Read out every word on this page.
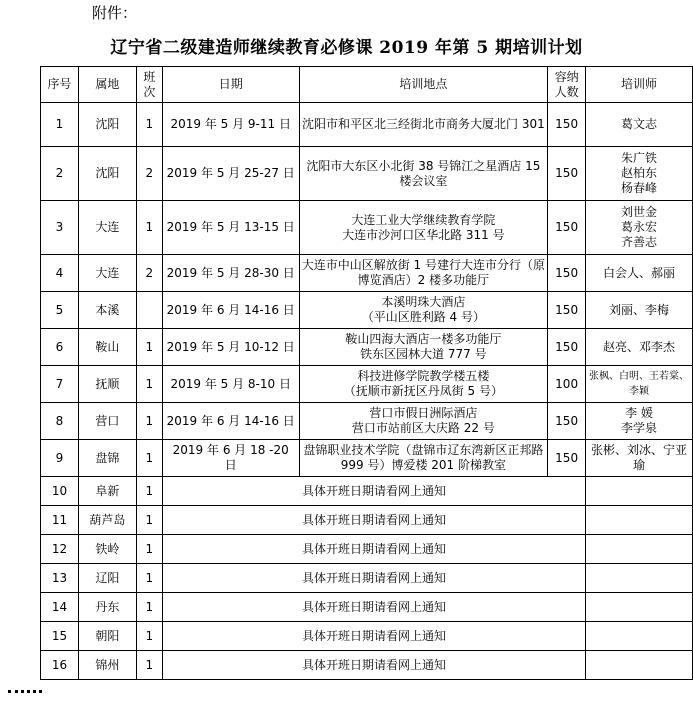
附件：
辽宁省二级建造师继续教育必修课 2019 年第 5 期培训计划
序号	属地	班次	日期	培训地点	容纳人数	培训师
1	沈阳	1	2019 年 5 月 9-11 日	沈阳市和平区北三经街北市商务大厦北门 301	150	葛文志
2	沈阳	2	2019 年 5 月 25-27 日	沈阳市大东区小北街 38 号锦江之星酒店 15 楼会议室	150	朱广铁
赵柏东
杨春峰
3	大连	1	2019 年 5 月 13-15 日	大连工业大学继续教育学院
大连市沙河口区华北路 311 号	150	刘世金
葛永宏
齐善志
4	大连	2	2019 年 5 月 28-30 日	大连市中山区解放街 1 号建行大连市分行（原博览酒店）2 楼多功能厅	150	白会人、郝丽
5	本溪		2019 年 6 月 14-16 日	本溪明珠大酒店
（平山区胜利路 4 号）	150	刘丽、李梅
6	鞍山	1	2019 年 5 月 10-12 日	鞍山四海大酒店一楼多功能厅
铁东区园林大道 777 号	150	赵亮、邓李杰
7	抚顺	1	2019 年 5 月 8-10 日	科技进修学院教学楼五楼
（抚顺市新抚区丹凤街 5 号）	100	张枫、白明、王若棠、李颖
8	营口	1	2019 年 6 月 14-16 日	营口市假日洲际酒店
营口市站前区大庆路 22 号	150	李 媛
李学泉
9	盘锦	1	2019 年 6 月 18 -20 日	盘锦职业技术学院（盘锦市辽东湾新区正邦路 999 号）博爱楼 201 阶梯教室	150	张彬、刘冰、宁亚瑜
10	阜新	1	具体开班日期请看网上通知			
11	葫芦岛	1	具体开班日期请看网上通知			
12	铁岭	1	具体开班日期请看网上通知			
13	辽阳	1	具体开班日期请看网上通知			
14	丹东	1	具体开班日期请看网上通知			
15	朝阳	1	具体开班日期请看网上通知			
16	锦州	1	具体开班日期请看网上通知			
